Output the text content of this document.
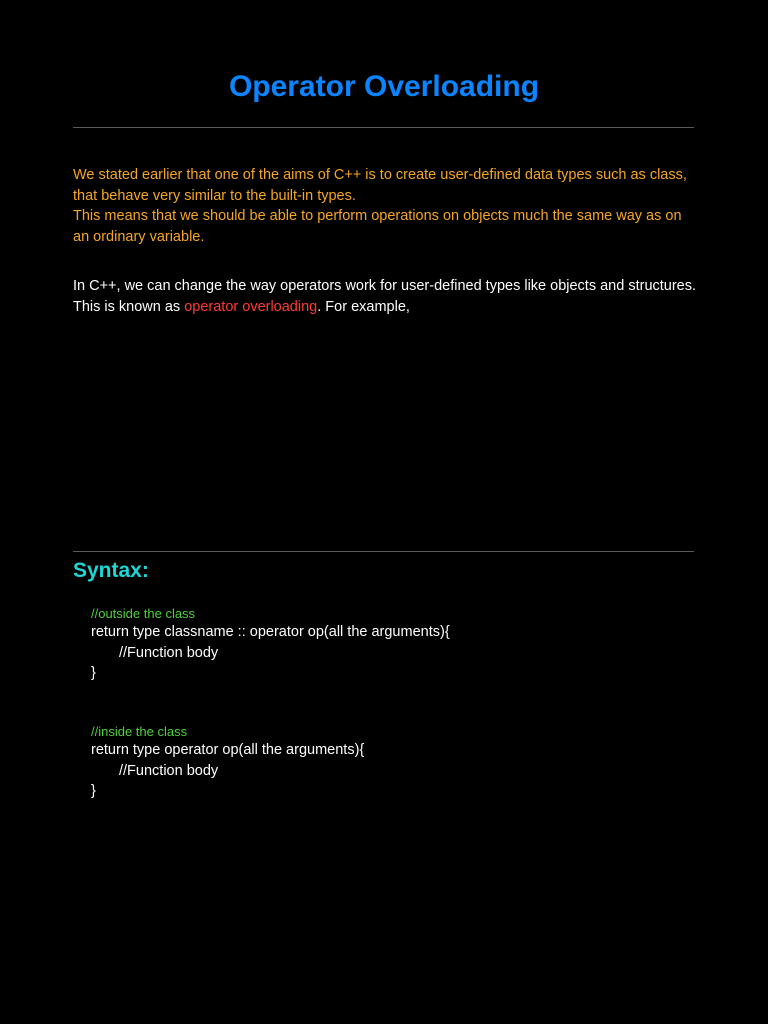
Operator Overloading

We stated earlier that one of the aims of C++ is to create user-defined data types such as class, that behave very similar to the built-in types.

This means that we should be able to perform operations on objects much the same way as on an ordinary variable.

In C++, we can change the way operators work for user-defined types like objects and structures. This is known as operator overloading. For example,

Syntax:
//outside the class
return type classname :: operator op(all the arguments){
//Function body
}
//inside the class
return type operator op(all the arguments){
//Function body
}
